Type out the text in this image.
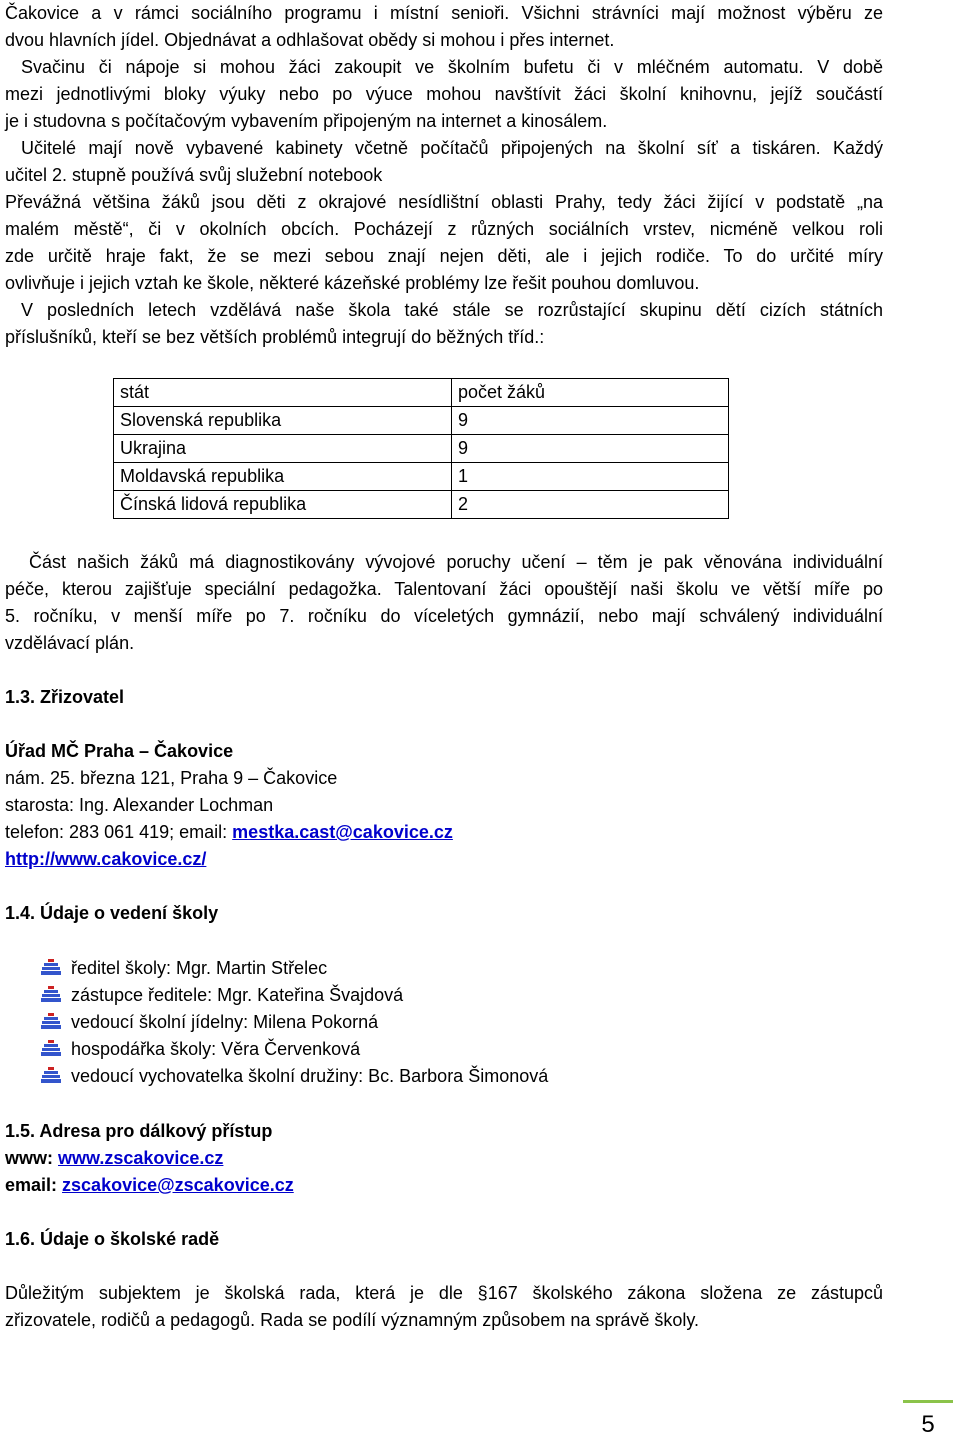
Čakovice a v rámci sociálního programu i místní senioři. Všichni strávníci mají možnost výběru ze
dvou hlavních jídel. Objednávat a odhlašovat obědy si mohou i přes internet.
Svačinu či nápoje si mohou žáci zakoupit ve školním bufetu či v mléčném automatu. V době
mezi jednotlivými bloky výuky nebo po výuce mohou navštívit žáci školní knihovnu, jejíž součástí
je i studovna s počítačovým vybavením připojeným na internet a kinosálem.
Učitelé mají nově vybavené kabinety včetně počítačů připojených na školní síť a tiskáren. Každý
učitel 2. stupně používá svůj služební notebook
Převážná většina žáků jsou děti z okrajové nesídlištní oblasti Prahy, tedy žáci žijící v podstatě „na
malém městě“, či v okolních obcích. Pocházejí z různých sociálních vrstev, nicméně velkou roli
zde určitě hraje fakt, že se mezi sebou znají nejen děti, ale i jejich rodiče. To do určité míry
ovlivňuje i jejich vztah ke škole, některé kázeňské problémy lze řešit pouhou domluvou.
V posledních letech vzdělává naše škola také stále se rozrůstající skupinu dětí cizích státních
příslušníků, kteří se bez větších problémů integrují do běžných tříd.:
stát	počet žáků
Slovenská republika	9
Ukrajina	9
Moldavská republika	1
Čínská lidová republika	2
Část našich žáků má diagnostikovány vývojové poruchy učení – těm je pak věnována individuální
péče, kterou zajišťuje speciální pedagožka. Talentovaní žáci opouštějí naši školu ve větší míře po
5. ročníku, v menší míře po 7. ročníku do víceletých gymnázií, nebo mají schválený individuální
vzdělávací plán.
1.3. Zřizovatel
Úřad MČ Praha – Čakovice
nám. 25. března 121, Praha 9 – Čakovice
starosta: Ing. Alexander Lochman
telefon: 283 061 419; email: mestka.cast@cakovice.cz
http://www.cakovice.cz/
1.4. Údaje o vedení školy
ředitel školy: Mgr. Martin Střelec
zástupce ředitele: Mgr. Kateřina Švajdová
vedoucí školní jídelny: Milena Pokorná
hospodářka školy: Věra Červenková
vedoucí vychovatelka školní družiny: Bc. Barbora Šimonová
1.5. Adresa pro dálkový přístup
www: www.zscakovice.cz
email: zscakovice@zscakovice.cz
1.6. Údaje o školské radě
Důležitým subjektem je školská rada, která je dle §167 školského zákona složena ze zástupců
zřizovatele, rodičů a pedagogů. Rada se podílí významným způsobem na správě školy.
5
